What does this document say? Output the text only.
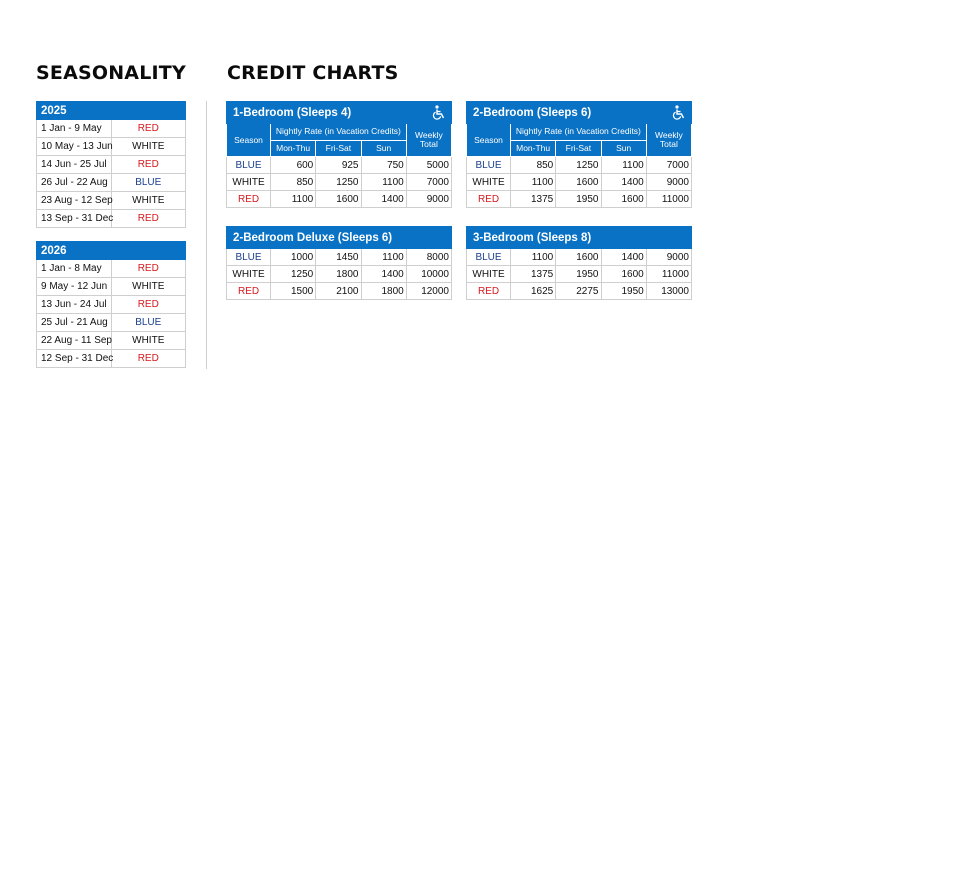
SEASONALITY CREDIT CHARTS
2025	
1 Jan - 9 May	RED
10 May - 13 Jun	WHITE
14 Jun - 25 Jul	RED
26 Jul - 22 Aug	BLUE
23 Aug - 12 Sep	WHITE
13 Sep - 31 Dec	RED
2026	
1 Jan - 8 May	RED
9 May - 12 Jun	WHITE
13 Jun - 24 Jul	RED
25 Jul - 21 Aug	BLUE
22 Aug - 11 Sep	WHITE
12 Sep - 31 Dec	RED
1-Bedroom (Sleeps 4)				

Season	Nightly Rate (in Vacation Credits)			Weekly Total
	Mon-Thu	Fri-Sat	Sun	
BLUE	600	925	750	5000
WHITE	850	1250	1100	7000
RED	1100	1600	1400	9000
2-Bedroom (Sleeps 6)				

Season	Nightly Rate (in Vacation Credits)			Weekly Total
	Mon-Thu	Fri-Sat	Sun	
BLUE	850	1250	1100	7000
WHITE	1100	1600	1400	9000
RED	1375	1950	1600	11000
2-Bedroom Deluxe (Sleeps 6)				
BLUE	1000	1450	1100	8000
WHITE	1250	1800	1400	10000
RED	1500	2100	1800	12000
3-Bedroom (Sleeps 8)				
BLUE	1100	1600	1400	9000
WHITE	1375	1950	1600	11000
RED	1625	2275	1950	13000
